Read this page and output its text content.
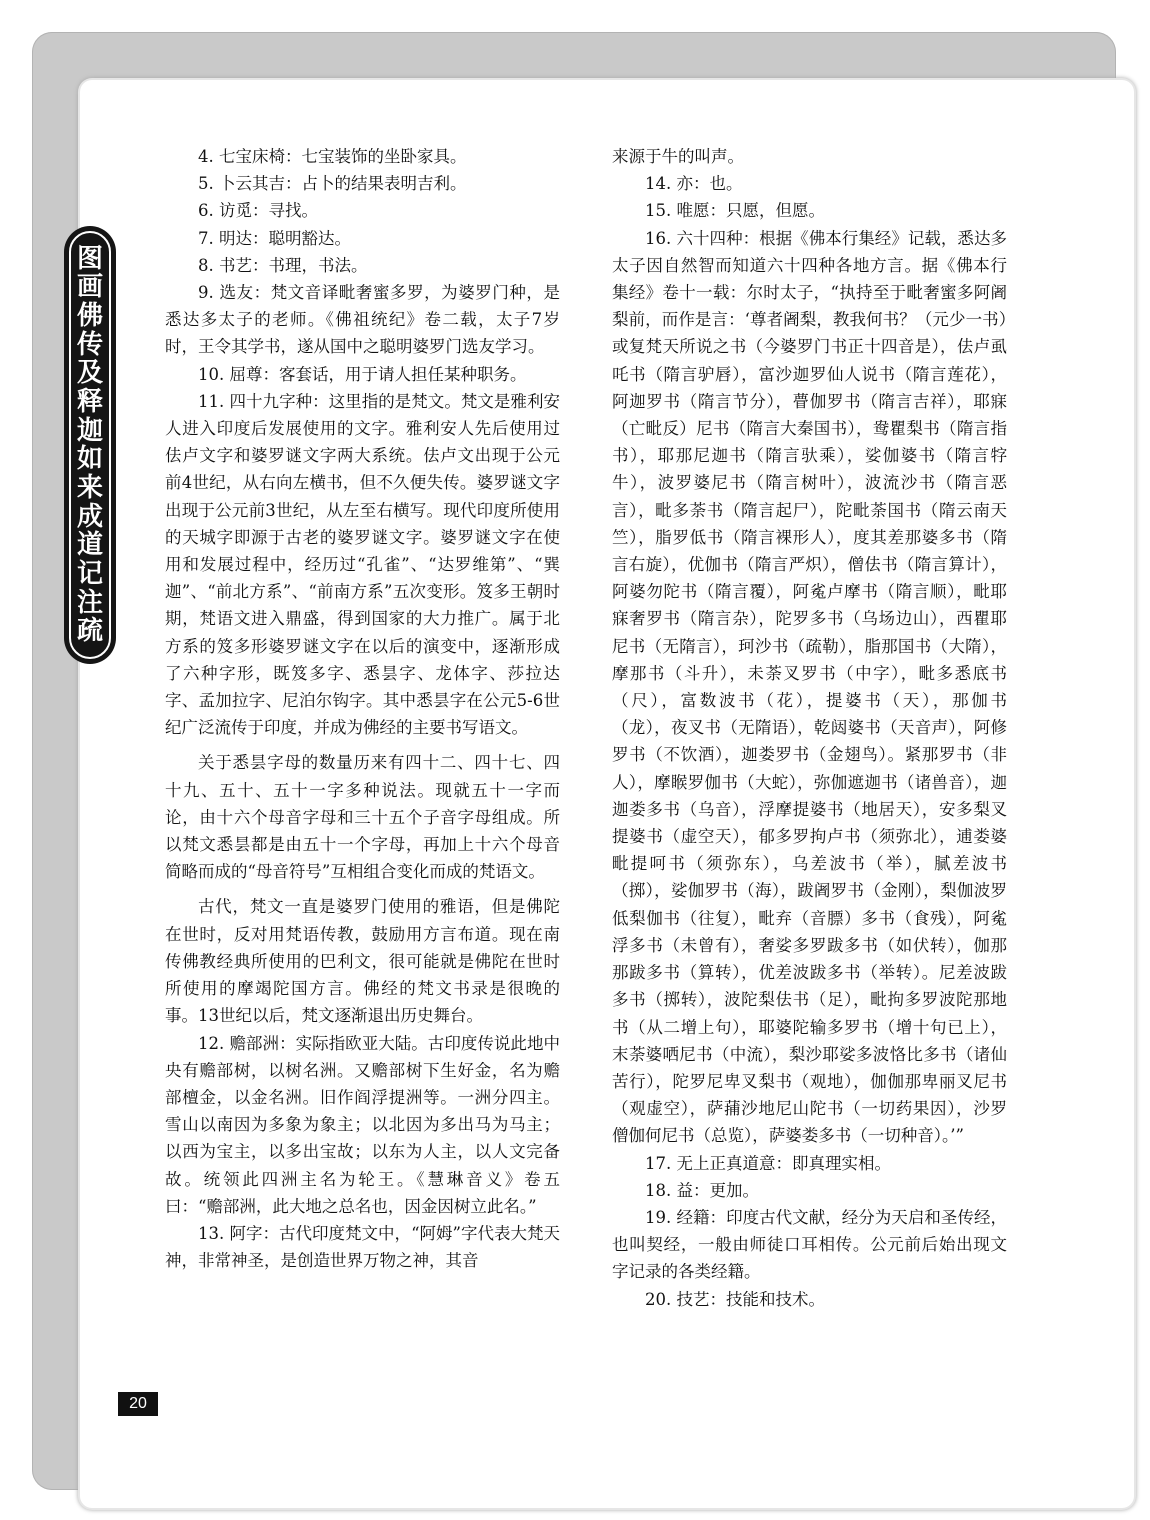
图
画
佛
传
及
释
迦
如
来
成
道
记
注
疏

4. 七宝床椅：七宝装饰的坐卧家具。

5. 卜云其吉：占卜的结果表明吉利。

6. 访觅：寻找。

7. 明达：聪明豁达。

8. 书艺：书理，书法。

9. 选友：梵文音译毗奢蜜多罗，为婆罗门种，是悉达多太子的老师。《佛祖统纪》卷二载，太子7岁时，王令其学书，遂从国中之聪明婆罗门选友学习。

10. 屈尊：客套话，用于请人担任某种职务。

11. 四十九字种：这里指的是梵文。梵文是雅利安人进入印度后发展使用的文字。雅利安人先后使用过佉卢文字和婆罗谜文字两大系统。佉卢文出现于公元前4世纪，从右向左横书，但不久便失传。婆罗谜文字出现于公元前3世纪，从左至右横写。现代印度所使用的天城字即源于古老的婆罗谜文字。婆罗谜文字在使用和发展过程中，经历过“孔雀”、“达罗维第”、“巽迦”、“前北方系”、“前南方系”五次变形。笈多王朝时期，梵语文进入鼎盛，得到国家的大力推广。属于北方系的笈多形婆罗谜文字在以后的演变中，逐渐形成了六种字形，既笈多字、悉昙字、龙体字、莎拉达字、孟加拉字、尼泊尔钩字。其中悉昙字在公元5-6世纪广泛流传于印度，并成为佛经的主要书写语文。

关于悉昙字母的数量历来有四十二、四十七、四十九、五十、五十一字多种说法。现就五十一字而论，由十六个母音字母和三十五个子音字母组成。所以梵文悉昙都是由五十一个字母，再加上十六个母音简略而成的“母音符号”互相组合变化而成的梵语文。

古代，梵文一直是婆罗门使用的雅语，但是佛陀在世时，反对用梵语传教，鼓励用方言布道。现在南传佛教经典所使用的巴利文，很可能就是佛陀在世时所使用的摩竭陀国方言。佛经的梵文书录是很晚的事。13世纪以后，梵文逐渐退出历史舞台。

12. 赡部洲：实际指欧亚大陆。古印度传说此地中央有赡部树，以树名洲。又赡部树下生好金，名为赡部檀金，以金名洲。旧作阎浮提洲等。一洲分四主。雪山以南因为多象为象主；以北因为多出马为马主；以西为宝主，以多出宝故；以东为人主，以人文完备故。统领此四洲主名为轮王。《慧琳音义》卷五曰：“赡部洲，此大地之总名也，因金因树立此名。”

13. 阿字：古代印度梵文中，“阿姆”字代表大梵天神，非常神圣，是创造世界万物之神，其音

来源于牛的叫声。

14. 亦：也。

15. 唯愿：只愿，但愿。

16. 六十四种：根据《佛本行集经》记载，悉达多太子因自然智而知道六十四种各地方言。据《佛本行集经》卷十一载：尔时太子，“执持至于毗奢蜜多阿阇梨前，而作是言：‘尊者阇梨，教我何书？（元少一书）或复梵天所说之书（今婆罗门书正十四音是），佉卢虱吒书（隋言驴唇），富沙迦罗仙人说书（隋言莲花），阿迦罗书（隋言节分），瞢伽罗书（隋言吉祥），耶寐（亡毗反）尼书（隋言大秦国书），鸯瞿梨书（隋言指书），耶那尼迦书（隋言驮乘），娑伽婆书（隋言牸牛），波罗婆尼书（隋言树叶），波流沙书（隋言恶言），毗多荼书（隋言起尸），陀毗荼国书（隋云南天竺），脂罗低书（隋言裸形人），度其差那婆多书（隋言右旋），优伽书（隋言严炽），僧佉书（隋言算计），阿婆勿陀书（隋言覆），阿㝹卢摩书（隋言顺），毗耶寐奢罗书（隋言杂），陀罗多书（乌场边山），西瞿耶尼书（无隋言），珂沙书（疏勒），脂那国书（大隋），摩那书（斗升），未荼叉罗书（中字），毗多悉底书（尺），富数波书（花），提婆书（天），那伽书（龙），夜叉书（无隋语），乾闼婆书（天音声），阿修罗书（不饮酒），迦娄罗书（金翅鸟）。紧那罗书（非人），摩睺罗伽书（大蛇），弥伽遮迦书（诸兽音），迦迦娄多书（乌音），浮摩提婆书（地居天），安多梨叉提婆书（虚空天），郁多罗拘卢书（须弥北），逋娄婆毗提呵书（须弥东），乌差波书（举），腻差波书（掷），娑伽罗书（海），跋阇罗书（金刚），梨伽波罗低梨伽书（往复），毗弃（音膘）多书（食残），阿㝹浮多书（未曾有），奢娑多罗跋多书（如伏转），伽那那跋多书（算转），优差波跋多书（举转）。尼差波跋多书（掷转），波陀梨佉书（足），毗拘多罗波陀那地书（从二增上句），耶婆陀输多罗书（增十句已上），末荼婆哂尼书（中流），梨沙耶娑多波恪比多书（诸仙苦行），陀罗尼卑叉梨书（观地），伽伽那卑丽叉尼书（观虚空），萨蒱沙地尼山陀书（一切药果因），沙罗僧伽何尼书（总览），萨婆娄多书（一切种音）。’”

17. 无上正真道意：即真理实相。

18. 益：更加。

19. 经籍：印度古代文献，经分为天启和圣传经，也叫契经，一般由师徒口耳相传。公元前后始出现文字记录的各类经籍。

20. 技艺：技能和技术。

20
